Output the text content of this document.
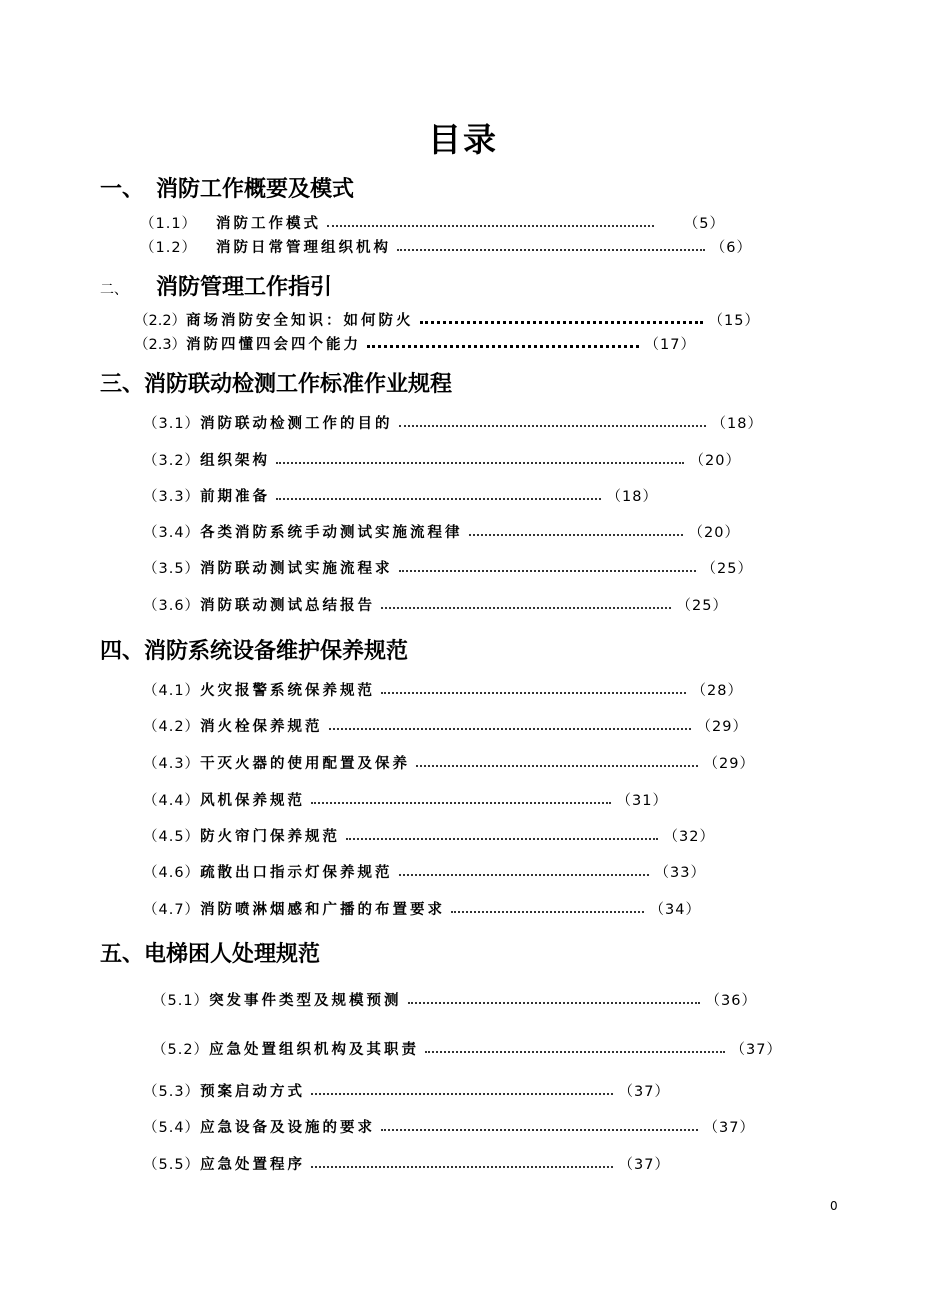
目录
一、 消防工作概要及模式
（1.1）	消防工作模式	（5）
（1.2）	消防日常管理组织机构	（6）
二、 消防管理工作指引
（2.2） 商场消防安全知识：如何防火	（15）
（2.3） 消防四懂四会四个能力	（17）
三、消防联动检测工作标准作业规程
（3.1） 消防联动检测工作的目的	（18）
（3.2） 组织架构	（20）
（3.3） 前期准备	（18）
（3.4） 各类消防系统手动测试实施流程律	（20）
（3.5） 消防联动测试实施流程求	（25）
（3.6） 消防联动测试总结报告	（25）
四、消防系统设备维护保养规范
（4.1） 火灾报警系统保养规范	（28）
（4.2） 消火栓保养规范	（29）
（4.3） 干灭火器的使用配置及保养	（29）
（4.4） 风机保养规范	（31）
（4.5） 防火帘门保养规范	（32）
（4.6） 疏散出口指示灯保养规范	（33）
（4.7） 消防喷淋烟感和广播的布置要求	（34）
五、电梯困人处理规范
（5.1） 突发事件类型及规模预测	（36）
（5.2） 应急处置组织机构及其职责	（37）
（5.3） 预案启动方式	（37）
（5.4） 应急设备及设施的要求	（37）
（5.5） 应急处置程序	（37）
0
